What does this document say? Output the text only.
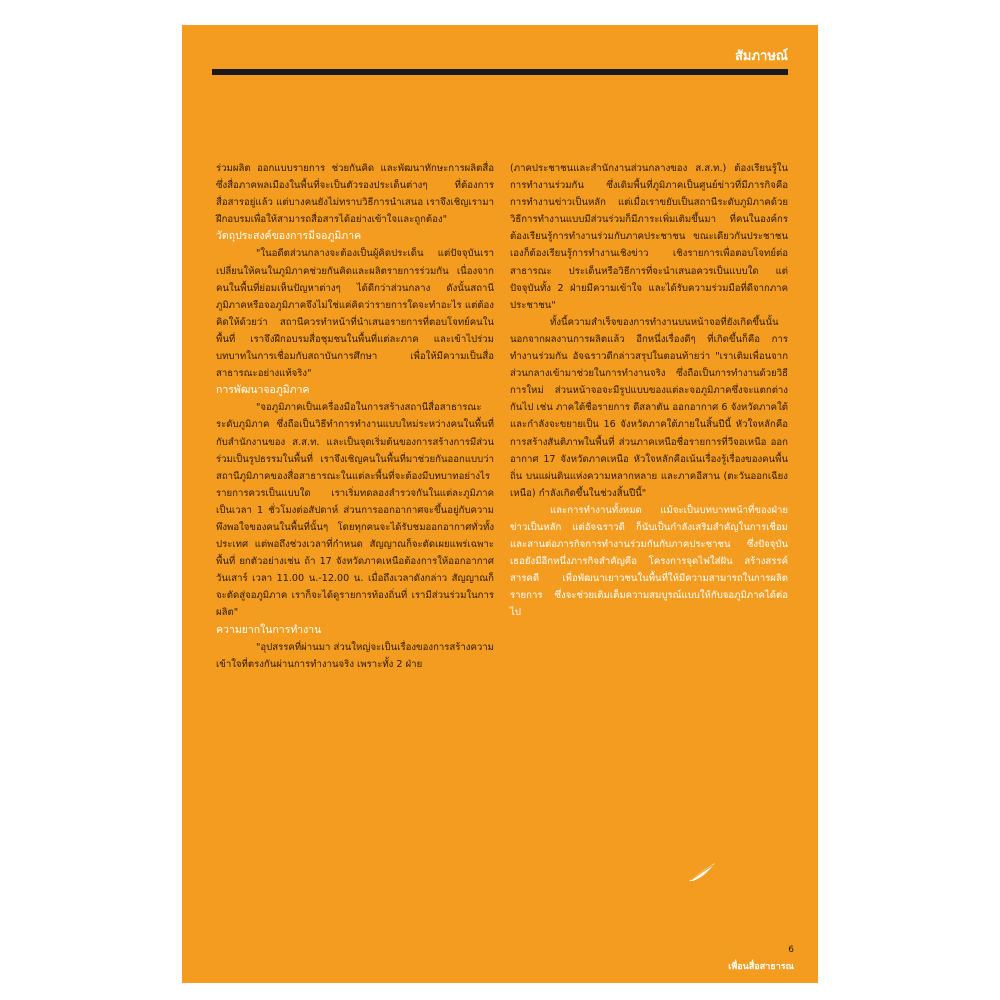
สัมภาษณ์

ร่วมผลิต ออกแบบรายการ ช่วยกันคิด และพัฒนาทักษะการผลิตสื่อ ซึ่งสื่อภาคพลเมืองในพื้นที่จะเป็นตัวรองประเด็นต่างๆ ที่ต้องการสื่อสารอยู่แล้ว แต่บางคนยังไม่ทราบวิธีการนำเสนอ เราจึงเชิญเรามาฝึกอบรมเพื่อให้สามารถสื่อสารได้อย่างเข้าใจและถูกต้อง"

วัตถุประสงค์ของการมีจอภูมิภาค

"ในอดีตส่วนกลางจะต้องเป็นผู้คิดประเด็น แต่ปัจจุบันเราเปลี่ยนให้คนในภูมิภาคช่วยกันคิดและผลิตรายการร่วมกัน เนื่องจากคนในพื้นที่ย่อมเห็นปัญหาต่างๆ ได้ดีกว่าส่วนกลาง ดังนั้นสถานีภูมิภาคหรือจอภูมิภาคจึงไม่ใช่แค่คิดว่ารายการใดจะทำอะไร แต่ต้องคิดให้ด้วยว่า สถานีควรทำหน้าที่นำเสนอรายการที่ตอบโจทย์คนในพื้นที่ เราจึงฝึกอบรมสื่อชุมชนในพื้นที่แต่ละภาค และเข้าไปร่วมบทบาทในการเชื่อมกับสถาบันการศึกษา เพื่อให้มีความเป็นสื่อสาธารณะอย่างแท้จริง"

การพัฒนาจอภูมิภาค

"จอภูมิภาคเป็นเครื่องมือในการสร้างสถานีสื่อสาธารณะระดับภูมิภาค ซึ่งถือเป็นวิธีทำการทำงานแบบใหม่ระหว่างคนในพื้นที่กับสำนักงานของ ส.ส.ท. และเป็นจุดเริ่มต้นของการสร้างการมีส่วนร่วมเป็นรูปธรรมในพื้นที่ เราจึงเชิญคนในพื้นที่มาช่วยกันออกแบบว่า สถานีภูมิภาคของสื่อสาธารณะในแต่ละพื้นที่จะต้องมีบทบาทอย่างไร รายการควรเป็นแบบใด เราเริ่มทดลองสำรวจกันในแต่ละภูมิภาค เป็นเวลา 1 ชั่วโมงต่อสัปดาห์ ส่วนการออกอากาศจะขึ้นอยู่กับความพึงพอใจของคนในพื้นที่นั้นๆ โดยทุกคนจะได้รับชมออกอากาศทั่วทั้งประเทศ แต่พอถึงช่วงเวลาที่กำหนด สัญญาณก็จะตัดเผยแพร่เฉพาะพื้นที่ ยกตัวอย่างเช่น ถ้า 17 จังหวัดภาคเหนือต้องการให้ออกอากาศวันเสาร์ เวลา 11.00 น.-12.00 น. เมื่อถึงเวลาดังกล่าว สัญญาณก็จะตัดสู่จอภูมิภาค เราก็จะได้ดูรายการท้องถิ่นที่ เรามีส่วนร่วมในการผลิต"

ความยากในการทำงาน

"อุปสรรคที่ผ่านมา ส่วนใหญ่จะเป็นเรื่องของการสร้างความเข้าใจที่ตรงกันผ่านการทำงานจริง เพราะทั้ง 2 ฝ่าย

(ภาคประชาชนและสำนักงานส่วนกลางของ ส.ส.ท.) ต้องเรียนรู้ในการทำงานร่วมกัน ซึ่งเดิมพื้นที่ภูมิภาคเป็นศูนย์ข่าวที่มีภารกิจคือ การทำงานข่าวเป็นหลัก แต่เมื่อเราขยับเป็นสถานีระดับภูมิภาคด้วยวิธีการทำงานแบบมีส่วนร่วมก็มีภาระเพิ่มเติมขึ้นมา ที่คนในองค์กรต้องเรียนรู้การทำงานร่วมกับภาคประชาชน ขณะเดียวกันประชาชนเองก็ต้องเรียนรู้การทำงานเชิงข่าว เชิงรายการเพื่อตอบโจทย์ต่อสาธารณะ ประเด็นหรือวิธีการที่จะนำเสนอควรเป็นแบบใด แต่ปัจจุบันทั้ง 2 ฝ่ายมีความเข้าใจ และได้รับความร่วมมือที่ดีจากภาคประชาชน"

ทั้งนี้ความสำเร็จของการทำงานบนหน้าจอที่ยังเกิดขึ้นนั้น นอกจากผลงานการผลิตแล้ว อีกหนึ่งเรื่องดีๆ ที่เกิดขึ้นก็คือ การทำงานร่วมกัน อัจฉราวดีกล่าวสรุปในตอนท้ายว่า "เราเติมเพื่อนจากส่วนกลางเข้ามาช่วยในการทำงานจริง ซึ่งถือเป็นการทำงานด้วยวิธีการใหม่ ส่วนหน้าจอจะมีรูปแบบของแต่ละจอภูมิภาคซึ่งจะแตกต่างกันไป เช่น ภาคใต้ชื่อรายการ ดีสลาตัน ออกอากาศ 6 จังหวัดภาคใต้ และกำลังจะขยายเป็น 16 จังหวัดภาคใต้ภายในสิ้นปีนี้ หัวใจหลักคือการสร้างสันติภาพในพื้นที่ ส่วนภาคเหนือชื่อรายการที่วีจอเหนือ ออกอากาศ 17 จังหวัดภาคเหนือ หัวใจหลักคือเน้นเรื่องรู้เรื่องของคนพื้นถิ่น บนแผ่นดินแห่งความหลากหลาย และภาคอีสาน (ตะวันออกเฉียงเหนือ) กำลังเกิดขึ้นในช่วงสิ้นปีนี้"

และการทำงานทั้งหมด แม้จะเป็นบทบาทหน้าที่ของฝ่ายข่าวเป็นหลัก แต่อัจฉราวดี ก็นับเป็นกำลังเสริมสำคัญในการเชื่อมและสานต่อภารกิจการทำงานร่วมกันกับภาคประชาชน ซึ่งปัจจุบันเธอยังมีอีกหนึ่งภารกิจสำคัญคือ โครงการจุดไฟใส่ฝัน สร้างสรรค์สารคดี เพื่อพัฒนาเยาวชนในพื้นที่ให้มีความสามารถในการผลิตรายการ ซึ่งจะช่วยเติมเต็มความสมบูรณ์แบบให้กับจอภูมิภาคได้ต่อไป

6
เพื่อนสื่อสาธารณ
